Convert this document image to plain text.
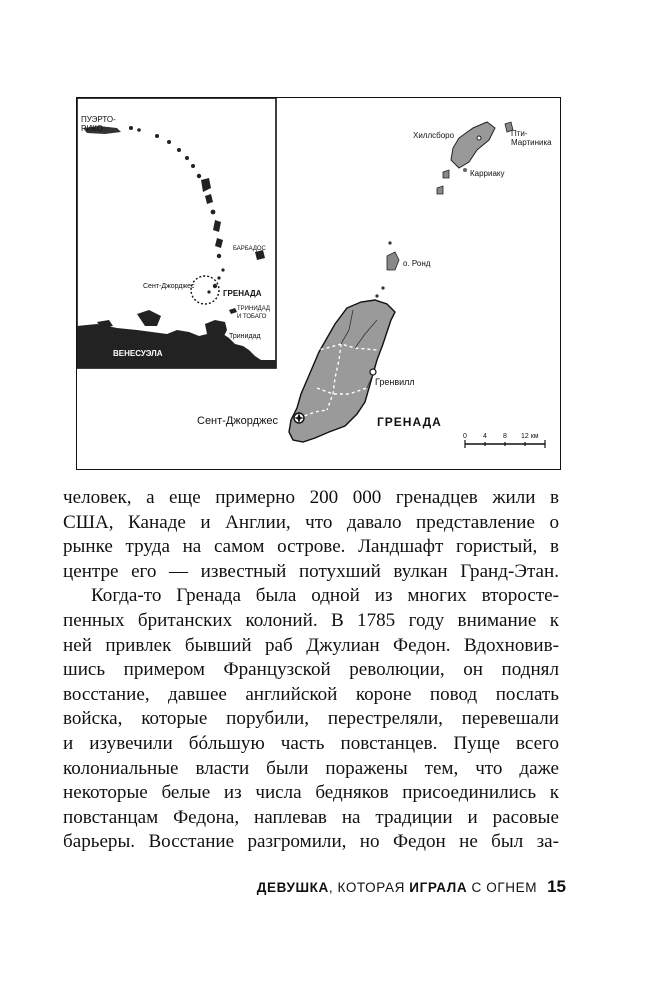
ПУЭРТО-
РИКО
БАРБАДОС
Сент-Джорджес
ГРЕНАДА
ТРИНИДАД
И ТОБАГО
Тринидад
ВЕНЕСУЭЛА
Хиллсборо	Пти-
Мартиника
Карриаку
о. Ронд
Гренвилл
Сент-Джорджес	ГРЕНАДА
0 4 8 12 км

человек, а еще примерно 200 000 гренадцев жили в
США, Канаде и Англии, что давало представление о
рынке труда на самом острове. Ландшафт гористый, в
центре его — известный потухший вулкан Гранд-Этан.

Когда-то Гренада была одной из многих второсте-
пенных британских колоний. В 1785 году внимание к
ней привлек бывший раб Джулиан Федон. Вдохновив-
шись примером Французской революции, он поднял
восстание, давшее английской короне повод послать
войска, которые порубили, перестреляли, перевешали
и изувечили бóльшую часть повстанцев. Пуще всего
колониальные власти были поражены тем, что даже
некоторые белые из числа бедняков присоединились к
повстанцам Федона, наплевав на традиции и расовые
барьеры. Восстание разгромили, но Федон не был за-

ДЕВУШКА, КОТОРАЯ ИГРАЛА С ОГНЕМ 15
